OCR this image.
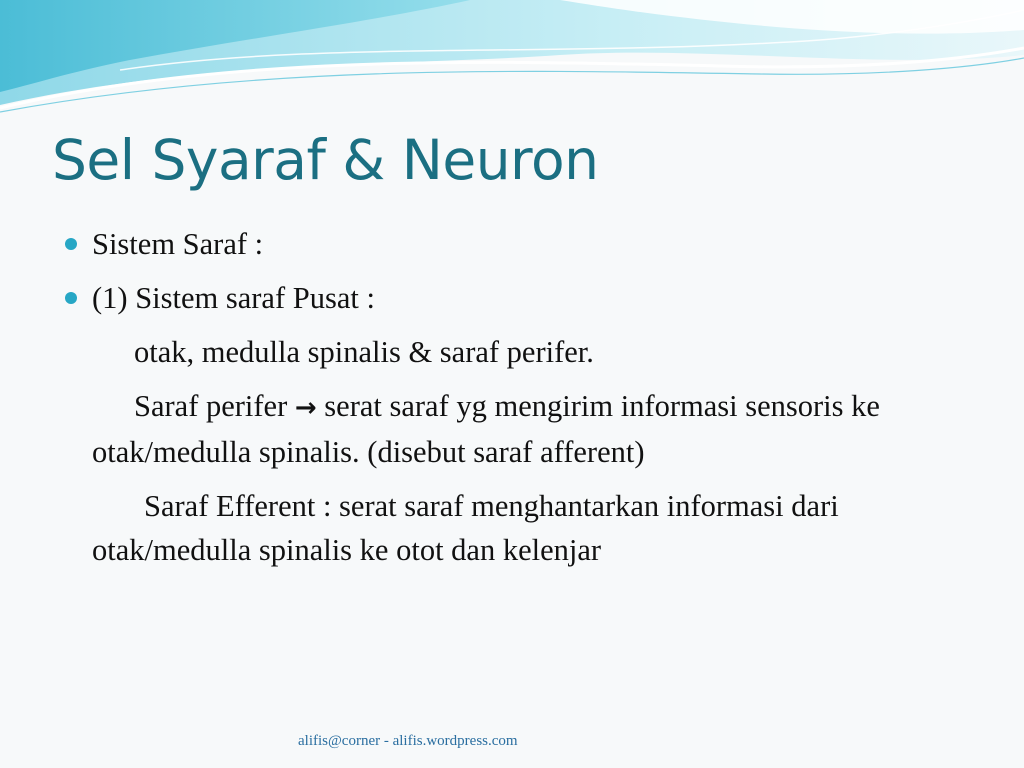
Sel Syaraf & Neuron

Sistem Saraf :

(1) Sistem saraf Pusat :

otak, medulla spinalis & saraf perifer.

Saraf perifer → serat saraf yg mengirim informasi sensoris ke otak/medulla spinalis. (disebut saraf afferent)

Saraf Efferent : serat saraf menghantarkan informasi dari otak/medulla spinalis ke otot dan kelenjar

alifis@corner - alifis.wordpress.com
